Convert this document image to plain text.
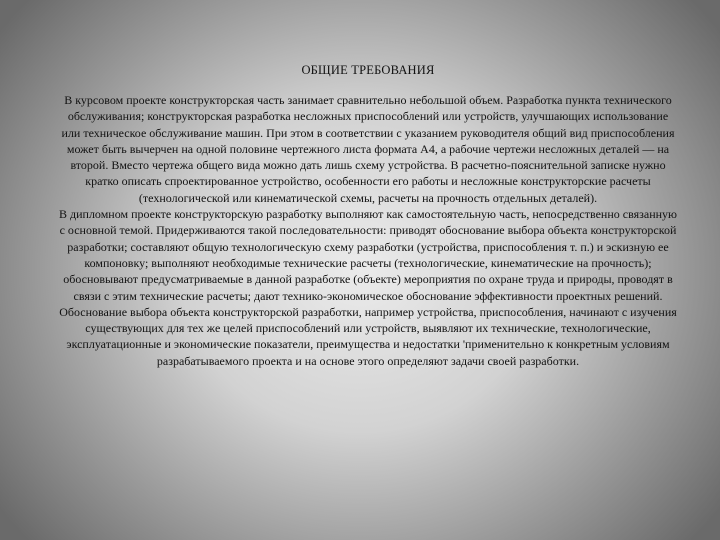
ОБЩИЕ ТРЕБОВАНИЯ

В курсовом проекте конструкторская часть занимает сравнительно небольшой объем. Разработка пункта технического обслуживания; конструкторская разработка несложных приспособлений или устройств, улучшающих использование или техническое обслуживание машин. При этом в соответствии с указанием руководителя общий вид приспособления может быть вычерчен на одной половине чертежного листа формата А4, а рабочие чертежи несложных деталей — на второй. Вместо чертежа общего вида можно дать лишь схему устройства. В расчетно-пояснительной записке нужно кратко описать спроектированное устройство, особенности его работы и несложные конструкторские расчеты (технологической или кинематической схемы, расчеты на прочность отдельных деталей).

В дипломном проекте конструкторскую разработку выполняют как самостоятельную часть, непосредственно связанную с основной темой. Придерживаются такой последовательности: приводят обоснование выбора объекта конструкторской разработки; составляют общую технологическую схему разработки (устройства, приспособления т. п.) и эскизную ее компоновку; выполняют необходимые технические расчеты (технологические, кинематические на прочность); обосновывают предусматриваемые в данной разработке (объекте) мероприятия по охране труда и природы, проводят в связи с этим технические расчеты; дают технико-экономическое обоснование эффективности проектных решений.

Обоснование выбора объекта конструкторской разработки, например устройства, приспособления, начинают с изучения существующих для тех же целей приспособлений или устройств, выявляют их технические, технологические, эксплуатационные и экономические показатели, преимущества и недостатки 'применительно к конкретным условиям разрабатываемого проекта и на основе этого определяют задачи своей разработки.
